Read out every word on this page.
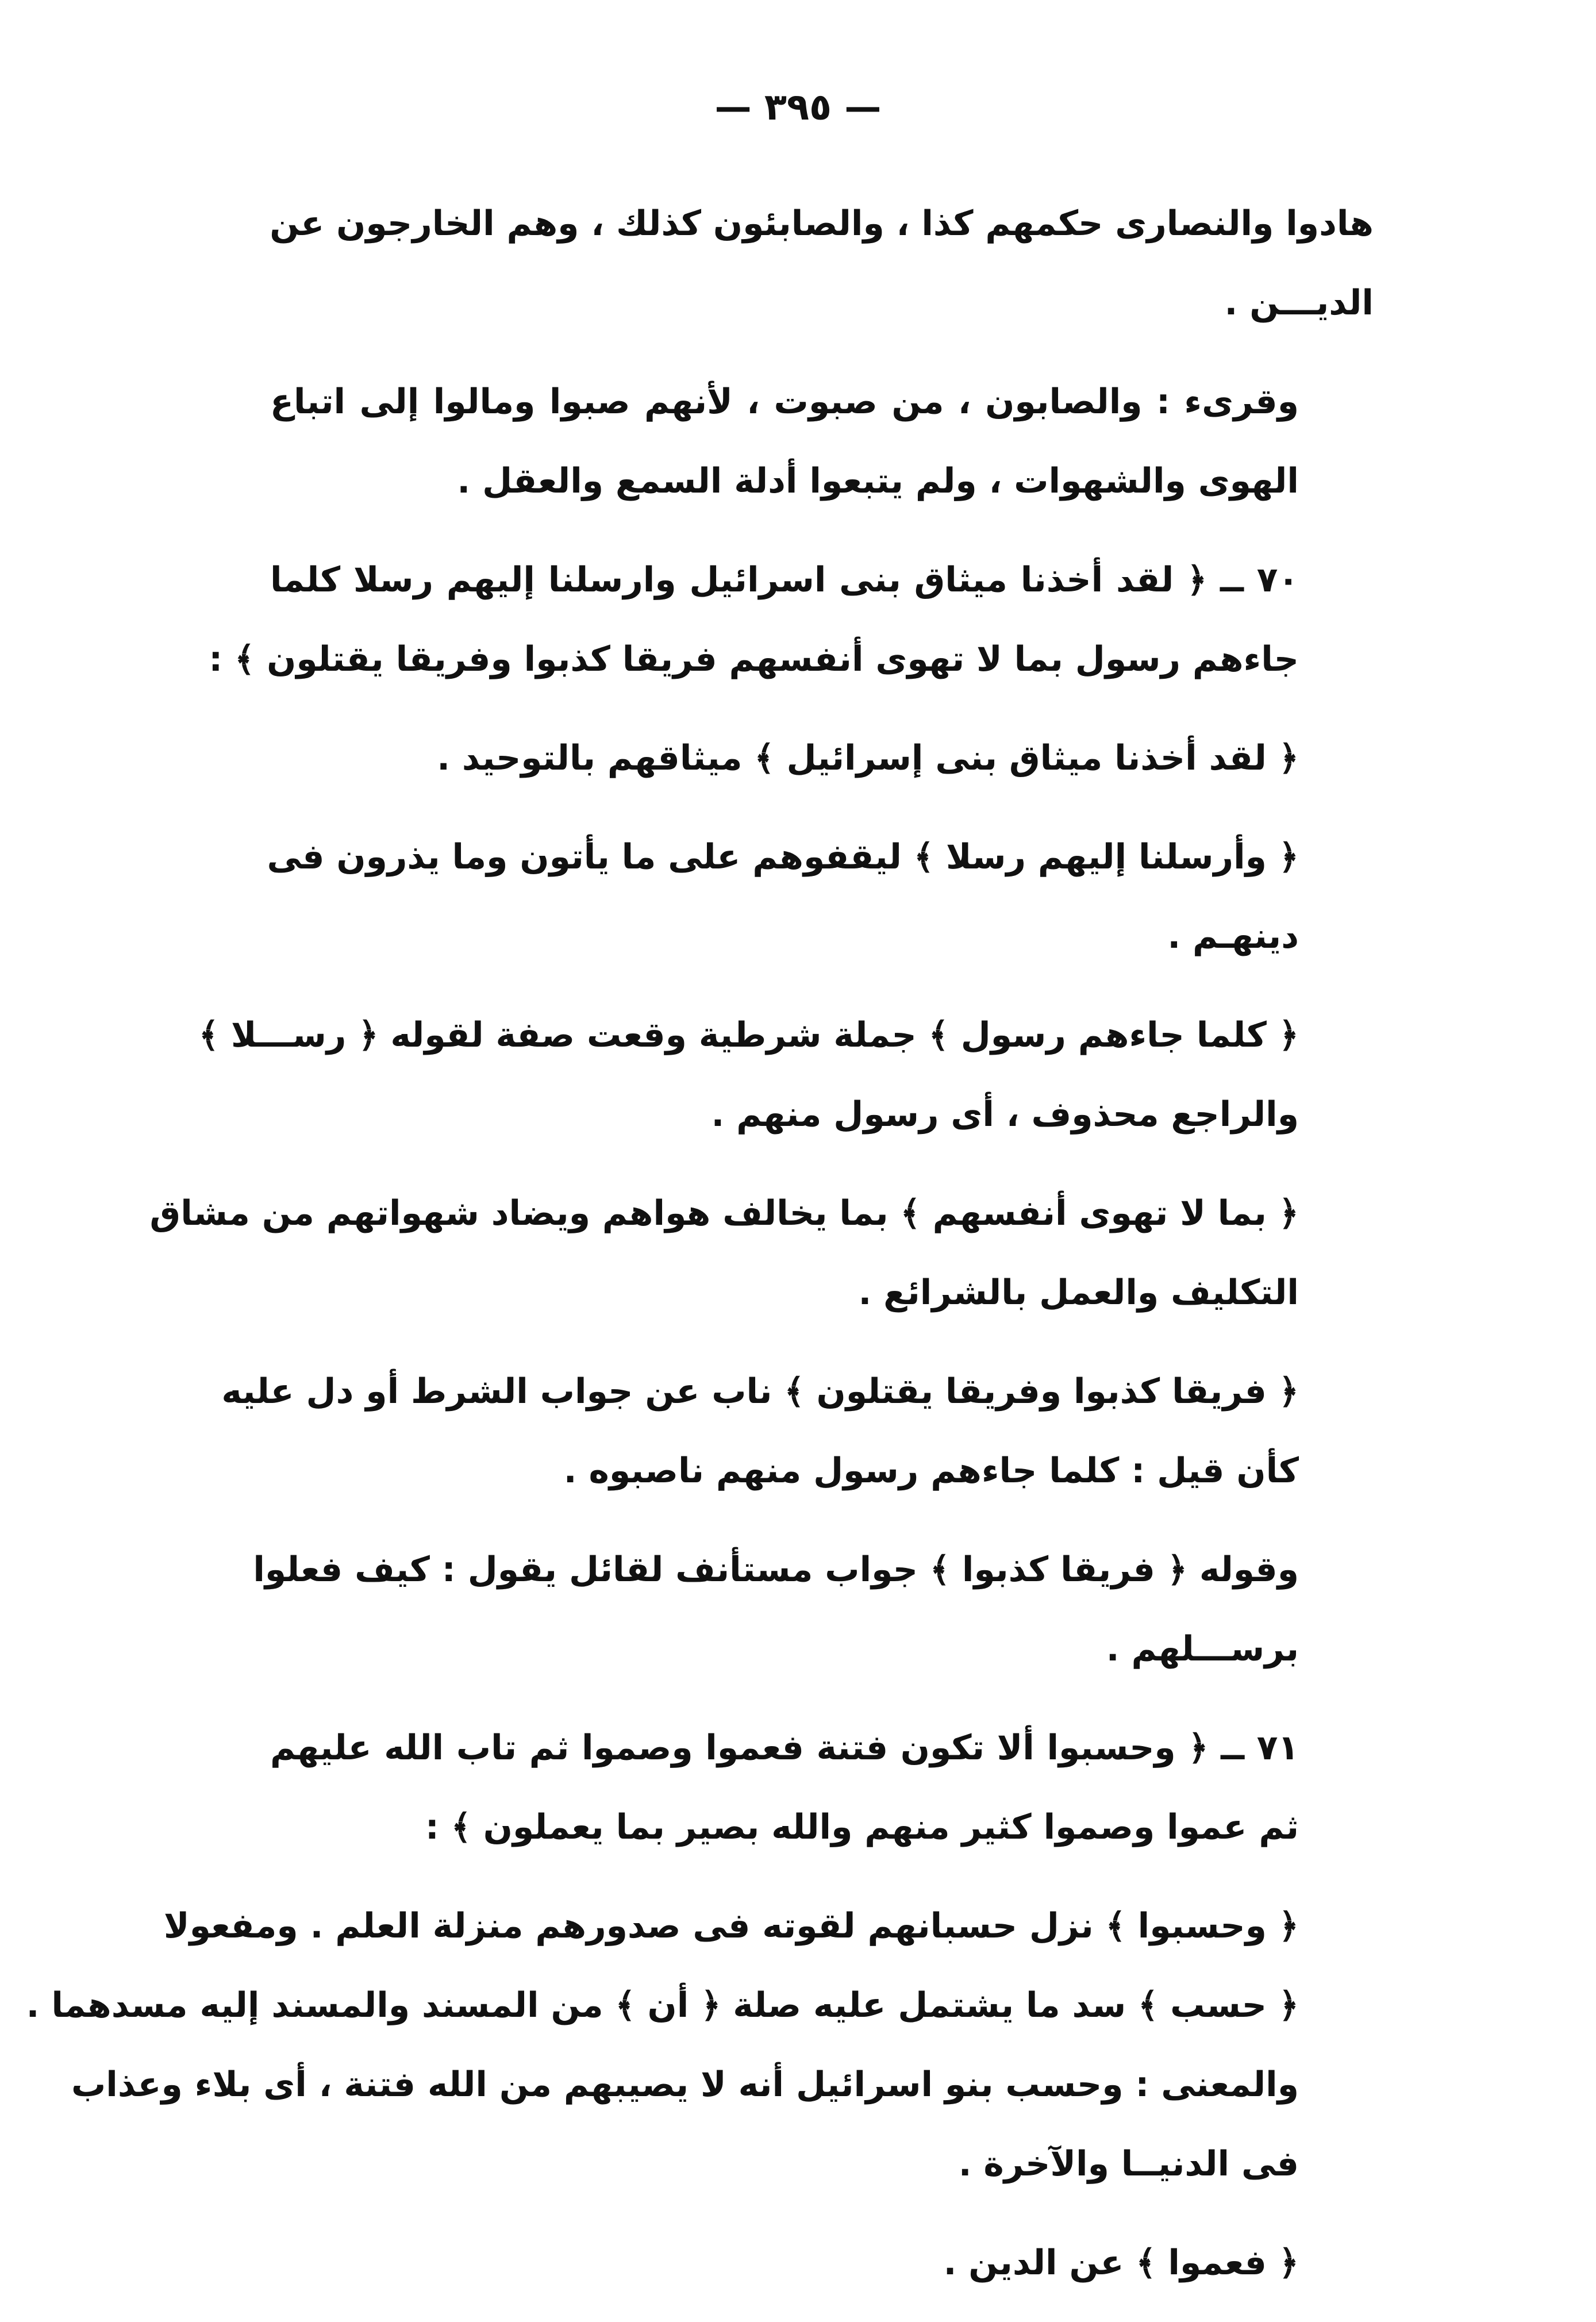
— ٣٩٥ —
هادوا والنصارى حكمهم كذا ، والصابئون كذلك ، وهم الخارجون عن
الديـــن .
وقرىء : والصابون ، من صبوت ، لأنهم صبوا ومالوا إلى اتباع
الهوى والشهوات ، ولم يتبعوا أدلة السمع والعقل .
٧٠ ــ ﴿ لقد أخذنا ميثاق بنى اسرائيل وارسلنا إليهم رسلا كلما
جاءهم رسول بما لا تهوى أنفسهم فريقا كذبوا وفريقا يقتلون ﴾ :
﴿ لقد أخذنا ميثاق بنى إسرائيل ﴾ ميثاقهم بالتوحيد .
﴿ وأرسلنا إليهم رسلا ﴾ ليقفوهم على ما يأتون وما يذرون فى
دينهـم .
﴿ كلما جاءهم رسول ﴾ جملة شرطية وقعت صفة لقوله ﴿ رســـلا ﴾
والراجع محذوف ، أى رسول منهم .
﴿ بما لا تهوى أنفسهم ﴾ بما يخالف هواهم ويضاد شهواتهم من مشاق
التكليف والعمل بالشرائع .
﴿ فريقا كذبوا وفريقا يقتلون ﴾ ناب عن جواب الشرط أو دل عليه
كأن قيل : كلما جاءهم رسول منهم ناصبوه .
وقوله ﴿ فريقا كذبوا ﴾ جواب مستأنف لقائل يقول : كيف فعلوا
برســـلهم .
٧١ ــ ﴿ وحسبوا ألا تكون فتنة فعموا وصموا ثم تاب الله عليهم
ثم عموا وصموا كثير منهم والله بصير بما يعملون ﴾ :
﴿ وحسبوا ﴾ نزل حسبانهم لقوته فى صدورهم منزلة العلم . ومفعولا
﴿ حسب ﴾ سد ما يشتمل عليه صلة ﴿ أن ﴾ من المسند والمسند إليه مسدهما .
والمعنى : وحسب بنو اسرائيل أنه لا يصيبهم من الله فتنة ، أى بلاء وعذاب
فى الدنيــا والآخرة .
﴿ فعموا ﴾ عن الدين .
